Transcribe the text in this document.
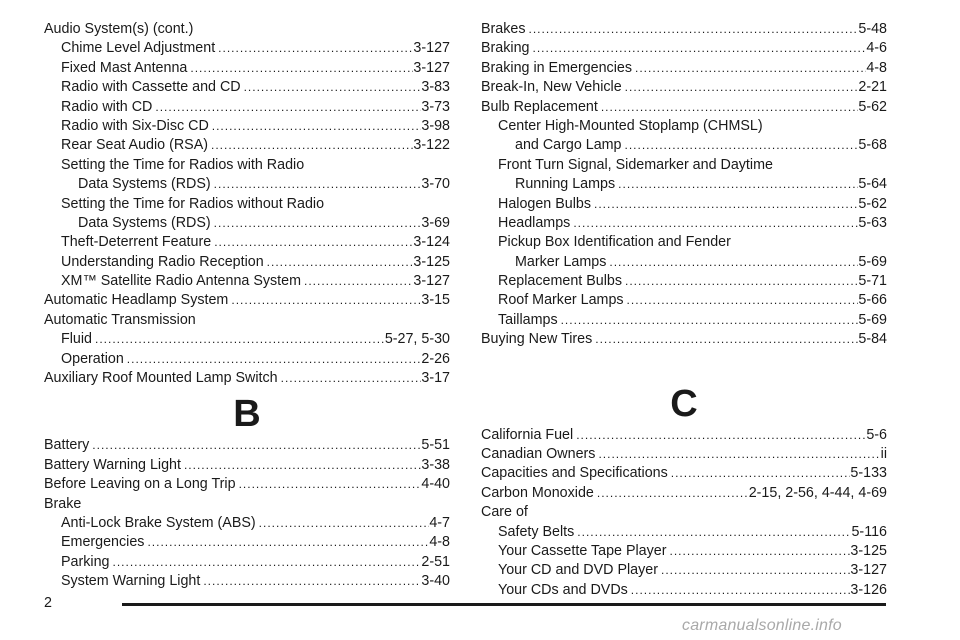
Audio System(s) (cont.)
Chime Level Adjustment .....	3-127
Fixed Mast Antenna .....	3-127
Radio with Cassette and CD .....	3-83
Radio with CD .....	3-73
Radio with Six-Disc CD .....	3-98
Rear Seat Audio (RSA) .....	3-122
Setting the Time for Radios with Radio
Data Systems (RDS) .....	3-70
Setting the Time for Radios without Radio
Data Systems (RDS) .....	3-69
Theft-Deterrent Feature .....	3-124
Understanding Radio Reception .....	3-125
XM™ Satellite Radio Antenna System .....	3-127
Automatic Headlamp System .....	3-15
Automatic Transmission
Fluid .....	5-27, 5-30
Operation .....	2-26
Auxiliary Roof Mounted Lamp Switch .....	3-17
B
Battery .....	5-51
Battery Warning Light .....	3-38
Before Leaving on a Long Trip .....	4-40
Brake
Anti-Lock Brake System (ABS) .....	4-7
Emergencies .....	4-8
Parking .....	2-51
System Warning Light .....	3-40
Brakes .....	5-48
Braking .....	4-6
Braking in Emergencies .....	4-8
Break-In, New Vehicle .....	2-21
Bulb Replacement .....	5-62
Center High-Mounted Stoplamp (CHMSL)
and Cargo Lamp .....	5-68
Front Turn Signal, Sidemarker and Daytime
Running Lamps .....	5-64
Halogen Bulbs .....	5-62
Headlamps .....	5-63
Pickup Box Identification and Fender
Marker Lamps .....	5-69
Replacement Bulbs .....	5-71
Roof Marker Lamps .....	5-66
Taillamps .....	5-69
Buying New Tires .....	5-84
C
California Fuel .....	5-6
Canadian Owners .....	ii
Capacities and Specifications .....	5-133
Carbon Monoxide .....	2-15, 2-56, 4-44, 4-69
Care of
Safety Belts .....	5-116
Your Cassette Tape Player .....	3-125
Your CD and DVD Player .....	3-127
Your CDs and DVDs .....	3-126
2
carmanualsonline.info
